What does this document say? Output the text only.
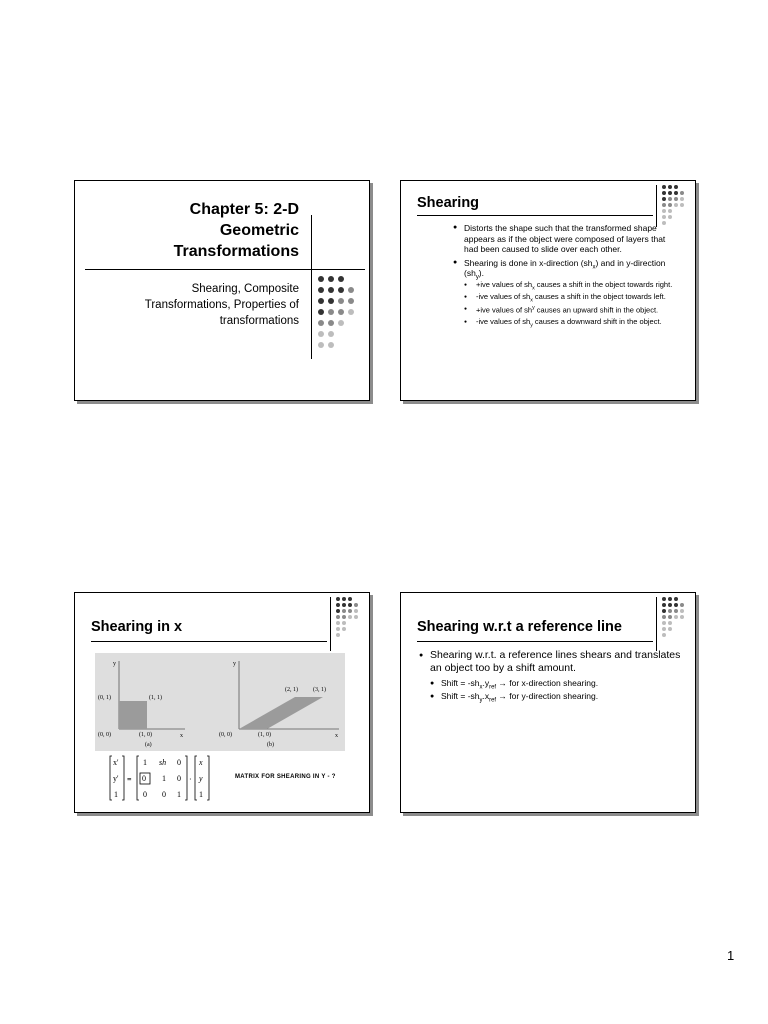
Chapter 5: 2-D
Geometric
Transformations
Shearing, Composite
Transformations, Properties of
transformations
Shearing
● Distorts the shape such that the transformed shape appears as if the object were composed of layers that had been caused to slide over each other.
● Shearing is done in x-direction $(sh_x)$ and in y-direction $(sh_y)$.
● +ive values of $sh_x$ causes a shift in the object towards right.
● -ive values of $sh_x$ causes a shift in the object towards left.
● +ive values of $sh^y$ causes an upward shift in the object.
● -ive values of $sh_y$ causes a downward shift in the object.
Shearing in x
y
x
(0, 1)	(1, 1)
(0, 0)	(1, 0)
(a)
y
x
(2, 1)	(3, 1)
(0, 0)	(1, 0)
(b)
x'
y'
1
=
1 sh 0
0 1 0
0 0 1
·
x
y
1
MATRIX FOR SHEARING IN Y - ?
Shearing w.r.t a reference line
● Shearing w.r.t. a reference lines shears and translates an object too by a shift amount.
● Shift = $-sh_x.y_{ref}$ → for x-direction shearing.
● Shift = $-sh_y.x_{ref}$ → for y-direction shearing.
1
